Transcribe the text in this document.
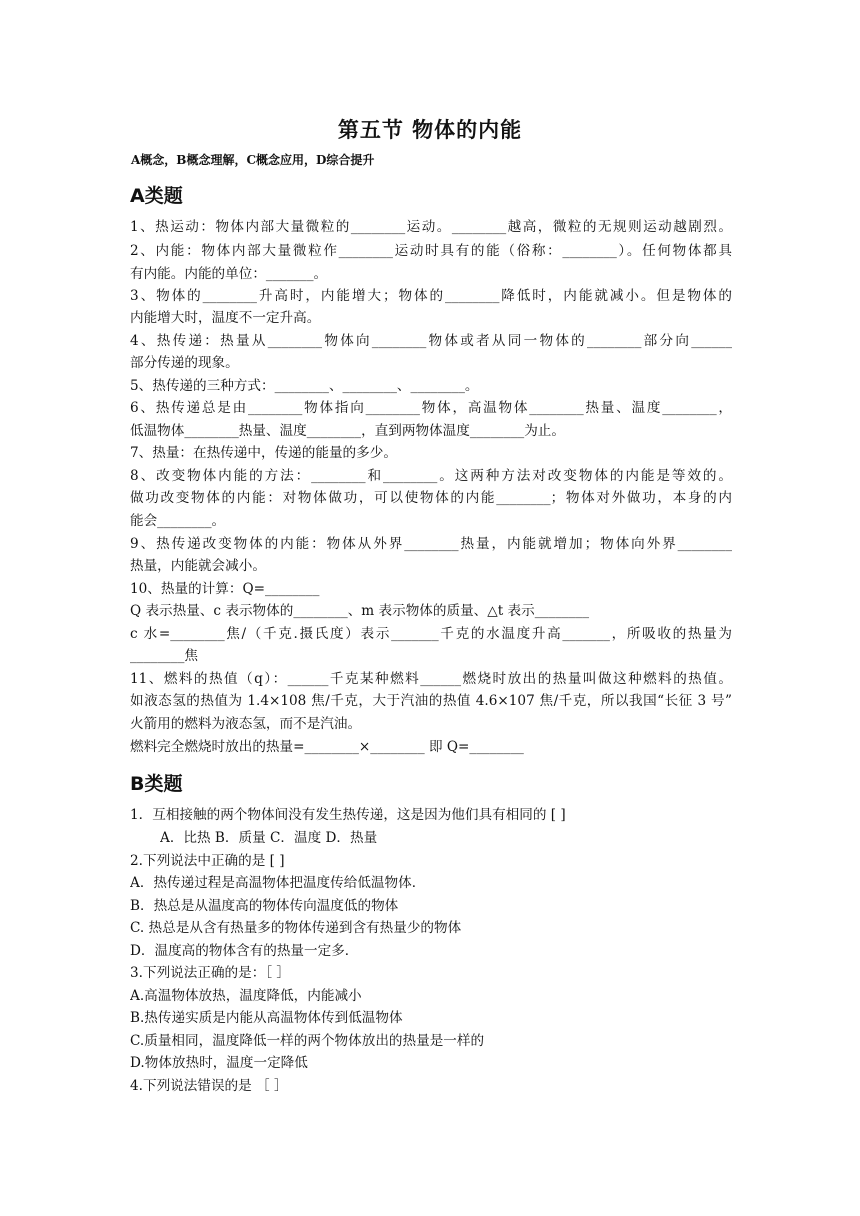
第五节 物体的内能
A概念，B概念理解，C概念应用，D综合提升
A类题
1、热运动：物体内部大量微粒的________运动。________越高，微粒的无规则运动越剧烈。
2、内能：物体内部大量微粒作________运动时具有的能（俗称：________）。任何物体都具
有内能。内能的单位：_______。
3、物体的________升高时，内能增大；物体的________降低时，内能就减小。但是物体的
内能增大时，温度不一定升高。
4、热传递：热量从________物体向________物体或者从同一物体的________部分向______
部分传递的现象。
5、热传递的三种方式：________、________、________。
6、热传递总是由________物体指向________物体，高温物体________热量、温度________，
低温物体________热量、温度________，直到两物体温度________为止。
7、热量：在热传递中，传递的能量的多少。
8、改变物体内能的方法：________和________。这两种方法对改变物体的内能是等效的。
做功改变物体的内能：对物体做功，可以使物体的内能________；物体对外做功，本身的内
能会________。
9、热传递改变物体的内能：物体从外界________热量，内能就增加；物体向外界________
热量，内能就会减小。
10、热量的计算：Q=________
Q 表示热量、c 表示物体的________、m 表示物体的质量、△t 表示________
c 水=________焦/（千克.摄氏度）表示_______千克的水温度升高_______，所吸收的热量为
________焦
11、燃料的热值（q）：______千克某种燃料______燃烧时放出的热量叫做这种燃料的热值。
如液态氢的热值为 1.4×108 焦/千克，大于汽油的热值 4.6×107 焦/千克，所以我国“长征 3 号”
火箭用的燃料为液态氢，而不是汽油。
燃料完全燃烧时放出的热量=________×________ 即 Q=________
B类题
1．互相接触的两个物体间没有发生热传递，这是因为他们具有相同的 [ ]
A．比热 B．质量 C．温度 D．热量
2.下列说法中正确的是 [ ]
A．热传递过程是高温物体把温度传给低温物体．
B．热总是从温度高的物体传向温度低的物体
C. 热总是从含有热量多的物体传递到含有热量少的物体
D．温度高的物体含有的热量一定多．
3.下列说法正确的是：［ ］
A.高温物体放热，温度降低，内能减小
B.热传递实质是内能从高温物体传到低温物体
C.质量相同，温度降低一样的两个物体放出的热量是一样的
D.物体放热时，温度一定降低
4.下列说法错误的是 ［ ］
